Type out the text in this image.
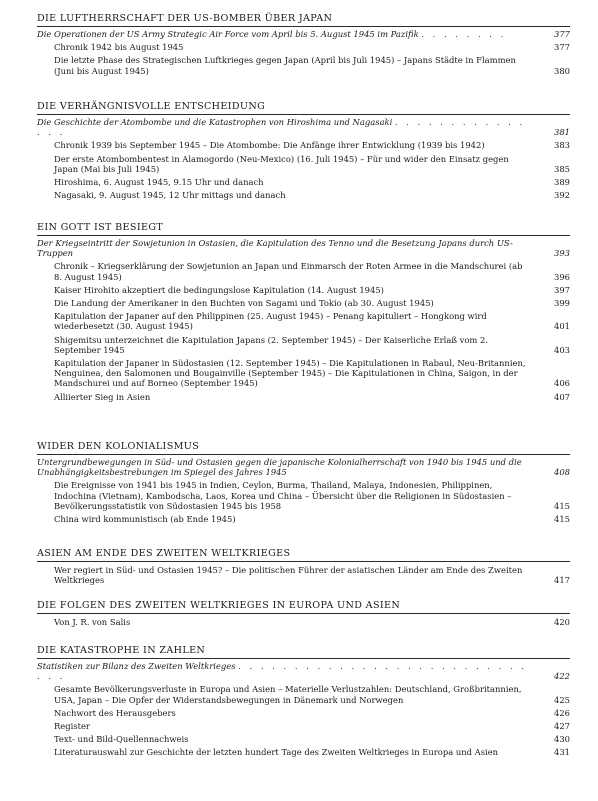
DIE LUFTHERRSCHAFT DER US-BOMBER ÜBER JAPAN
Die Operationen der US Army Strategic Air Force vom April bis 5. August 1945 im Pazifik . . . . . . . .	377
Chronik 1942 bis August 1945	377
Die letzte Phase des Strategischen Luftkrieges gegen Japan (April bis Juli 1945) – Japans Städte in Flammen (Juni bis August 1945)	380
DIE VERHÄNGNISVOLLE ENTSCHEIDUNG
Die Geschichte der Atombombe und die Katastrophen von Hiroshima und Nagasaki . . . . . . . . . . . . . . .	381
Chronik 1939 bis September 1945 – Die Atombombe: Die Anfänge ihrer Entwicklung (1939 bis 1942)	383
Der erste Atombombentest in Alamogordo (Neu-Mexico) (16. Juli 1945) – Für und wider den Einsatz gegen Japan (Mai bis Juli 1945)	385
Hiroshima, 6. August 1945, 9.15 Uhr und danach	389
Nagasaki, 9. August 1945, 12 Uhr mittags und danach	392
EIN GOTT IST BESIEGT
Der Kriegseintritt der Sowjetunion in Ostasien, die Kapitulation des Tenno und die Besetzung Japans durch US-Truppen	393
Chronik – Kriegserklärung der Sowjetunion an Japan und Einmarsch der Roten Armee in die Mandschurei (ab 8. August 1945)	396
Kaiser Hirohito akzeptiert die bedingungslose Kapitulation (14. August 1945)	397
Die Landung der Amerikaner in den Buchten von Sagami und Tokio (ab 30. August 1945)	399
Kapitulation der Japaner auf den Philippinen (25. August 1945) – Penang kapituliert – Hongkong wird wiederbesetzt (30. August 1945)	401
Shigemitsu unterzeichnet die Kapitulation Japans (2. September 1945) – Der Kaiserliche Erlaß vom 2. September 1945	403
Kapitulation der Japaner in Südostasien (12. September 1945) – Die Kapitulationen in Rabaul, Neu-Britannien, Nenguinea, den Salomonen und Bougainville (September 1945) – Die Kapitulationen in China, Saigon, in der Mandschurei und auf Borneo (September 1945)	406
Alliierter Sieg in Asien	407
WIDER DEN KOLONIALISMUS
Untergrundbewegungen in Süd- und Ostasien gegen die japanische Kolonialherrschaft von 1940 bis 1945 und die Unabhängigkeitsbestrebungen im Spiegel des Jahres 1945	408
Die Ereignisse von 1941 bis 1945 in Indien, Ceylon, Burma, Thailand, Malaya, Indonesien, Philippinen, Indochina (Vietnam), Kambodscha, Laos, Korea und China – Übersicht über die Religionen in Südostasien – Bevölkerungsstatistik von Südostasien 1945 bis 1958	415
China wird kommunistisch (ab Ende 1945)	415
ASIEN AM ENDE DES ZWEITEN WELTKRIEGES
Wer regiert in Süd- und Ostasien 1945? – Die politischen Führer der asiatischen Länder am Ende des Zweiten Weltkrieges	417
DIE FOLGEN DES ZWEITEN WELTKRIEGES IN EUROPA UND ASIEN
Von J. R. von Salis	420
DIE KATASTROPHE IN ZAHLEN
Statistiken zur Bilanz des Zweiten Weltkrieges . . . . . . . . . . . . . . . . . . . . . . . . . . . . .	422
Gesamte Bevölkerungsverluste in Europa und Asien – Materielle Verlustzahlen: Deutschland, Großbritannien, USA, Japan – Die Opfer der Widerstandsbewegungen in Dänemark und Norwegen	425
Nachwort des Herausgebers	426
Register	427
Text- und Bild-Quellennachweis	430
Literaturauswahl zur Geschichte der letzten hundert Tage des Zweiten Weltkrieges in Europa und Asien	431
